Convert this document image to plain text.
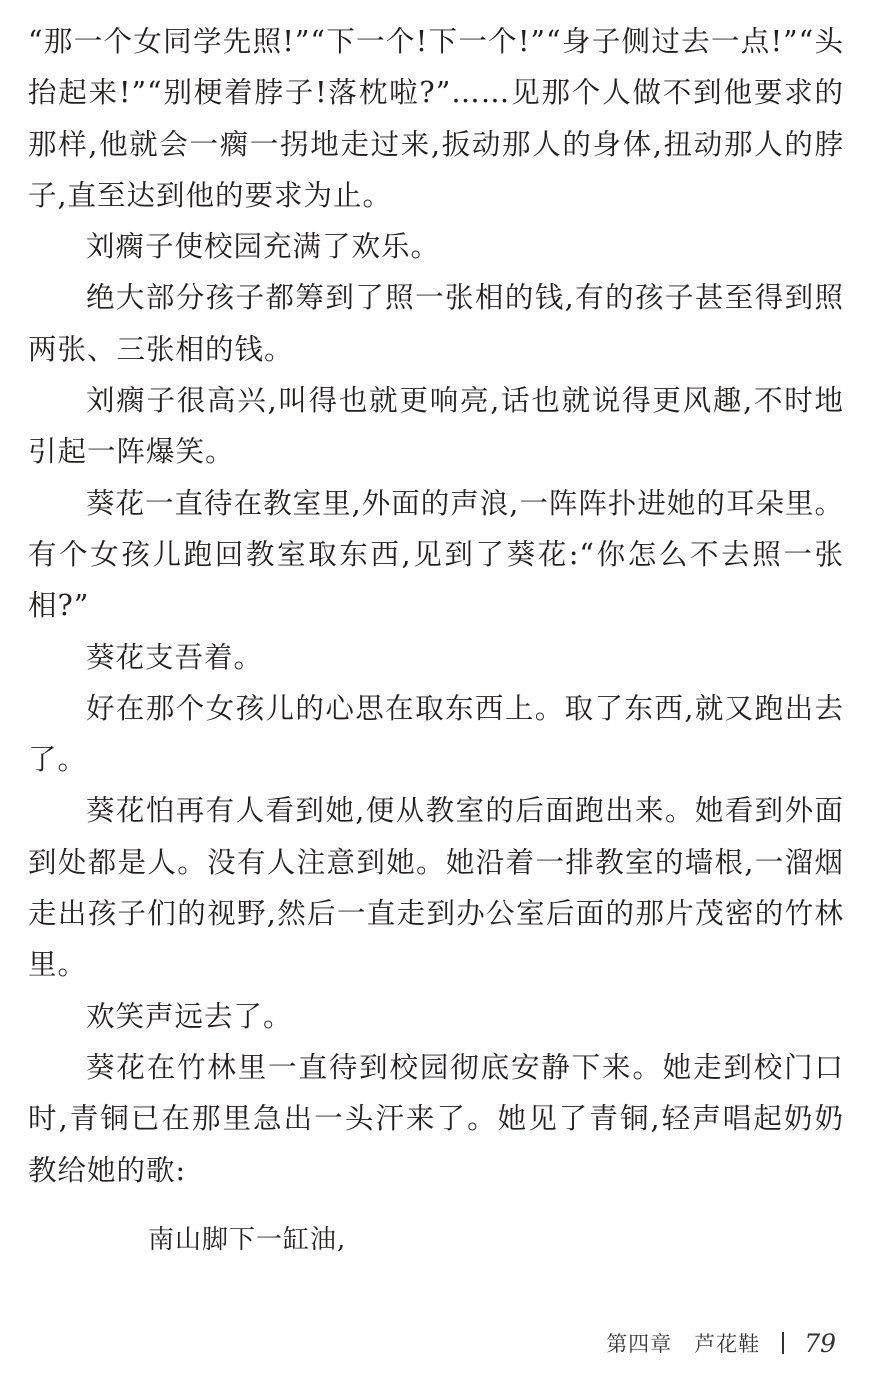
“那一个女同学先照!”“下一个!下一个!”“身子侧过去一点!”“头抬起来!”“别梗着脖子!落枕啦?”……见那个人做不到他要求的那样,他就会一瘸一拐地走过来,扳动那人的身体,扭动那人的脖子,直至达到他的要求为止。

刘瘸子使校园充满了欢乐。

绝大部分孩子都筹到了照一张相的钱,有的孩子甚至得到照两张、三张相的钱。

刘瘸子很高兴,叫得也就更响亮,话也就说得更风趣,不时地引起一阵爆笑。

葵花一直待在教室里,外面的声浪,一阵阵扑进她的耳朵里。有个女孩儿跑回教室取东西,见到了葵花:“你怎么不去照一张相?”

葵花支吾着。

好在那个女孩儿的心思在取东西上。取了东西,就又跑出去了。

葵花怕再有人看到她,便从教室的后面跑出来。她看到外面到处都是人。没有人注意到她。她沿着一排教室的墙根,一溜烟走出孩子们的视野,然后一直走到办公室后面的那片茂密的竹林里。

欢笑声远去了。

葵花在竹林里一直待到校园彻底安静下来。她走到校门口时,青铜已在那里急出一头汗来了。她见了青铜,轻声唱起奶奶教给她的歌:

南山脚下一缸油,

第四章　芦花鞋 79
